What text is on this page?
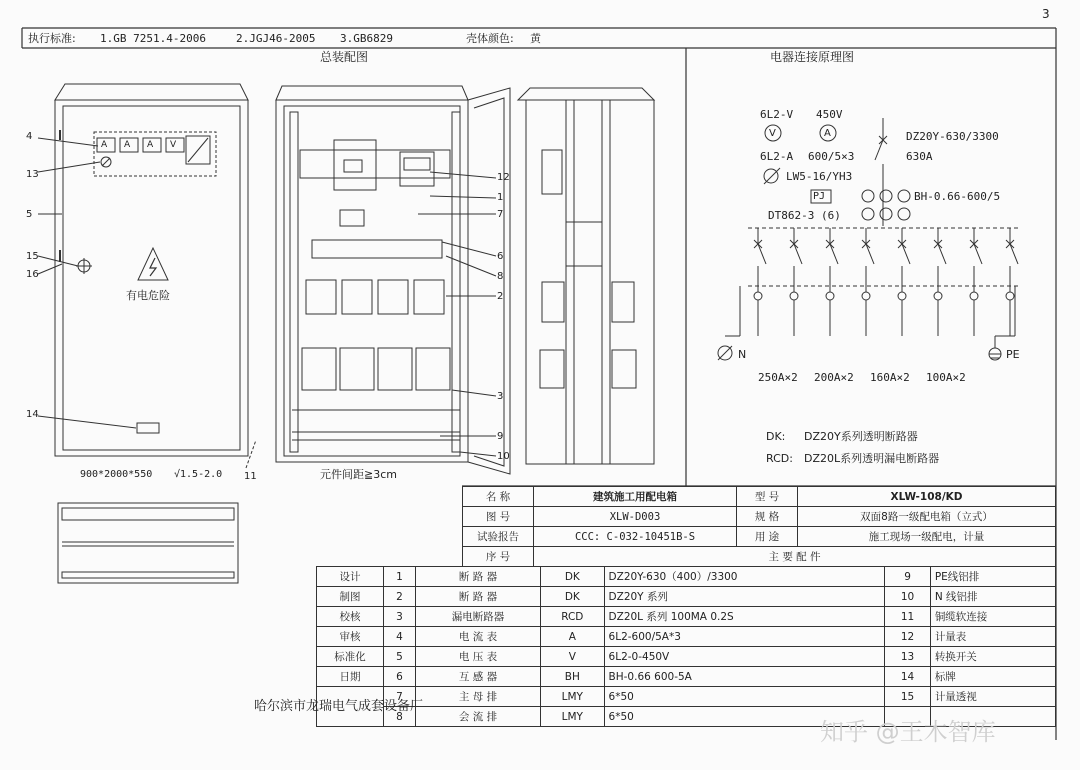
3
执行标准: 1.GB 7251.4-2006	2.JGJ46-2005 3.GB6829	壳体颜色: 黄
总装配图	电器连接原理图
A A A V
有电危险
900*2000*550 √1.5-2.0	元件间距≧3cm
4
13
5
15
16
14
11
12
1
7
6
8
2
3
9
10
6L2-V 450V
V	A
6L2-A 600/5×3
LW5-16/YH3
PJ	BH-0.66-600/5
DT862-3 (6)
DZ20Y-630/3300
630A
N	PE
250A×2 200A×2 160A×2 100A×2
DK: DZ20Y系列透明断路器
RCD: DZ20L系列透明漏电断路器
名 称	建筑施工用配电箱	型 号	XLW-108/KD
图 号	XLW-D003	规 格	双面8路一级配电箱（立式）
试验报告	CCC: C-032-10451B-S	用 途	施工现场一级配电，计量
序 号	主 要 配 件		
设计	1	断 路 器	DK	DZ20Y-630（400）/3300	9	PE线铝排
制图	2	断 路 器	DK	DZ20Y 系列	10	N 线铝排
校核	3	漏电断路器	RCD	DZ20L 系列 100MA 0.2S	11	铜缆软连接
审核	4	电 流 表	A	6L2-600/5A*3	12	计量表
标准化	5	电 压 表	V	6L2-0-450V	13	转换开关
日期	6	互 感 器	BH	BH-0.66 600-5A	14	标牌
	7	主 母 排	LMY	6*50	15	计量透视
	8	会 流 排	LMY	6*50		
哈尔滨市龙瑞电气成套设备厂
知乎 @王木智库
